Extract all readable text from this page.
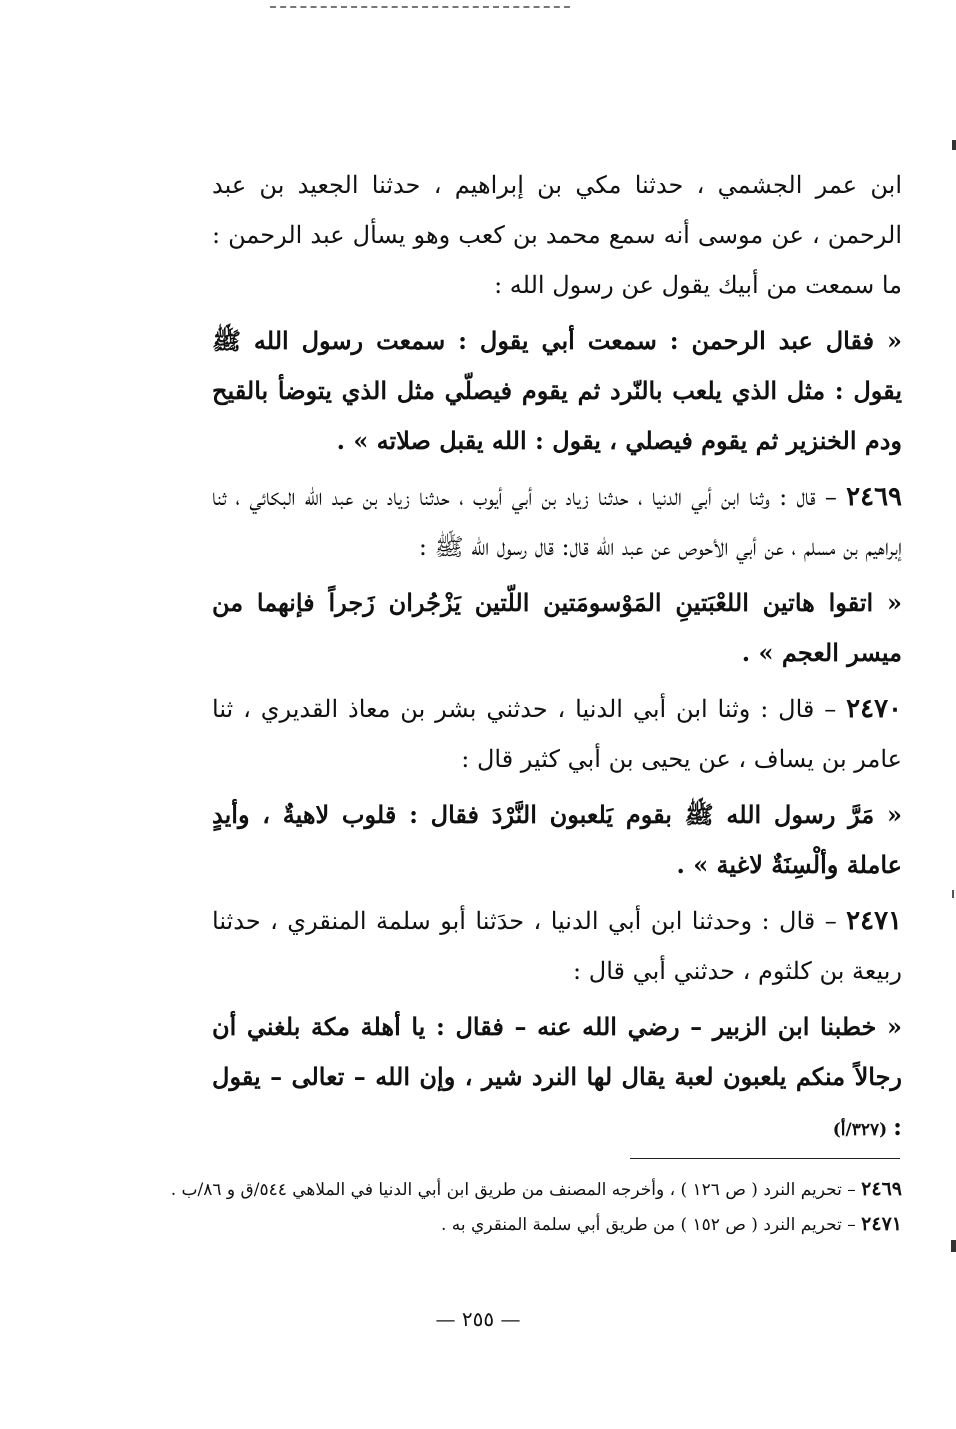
ابن عمر الجشمي ، حدثنا مكي بن إبراهيم ، حدثنا الجعيد بن عبد الرحمن ، عن موسى أنه سمع محمد بن كعب وهو يسأل عبد الرحمن : ما سمعت من أبيك يقول عن رسول الله :

« فقال عبد الرحمن : سمعت أبي يقول : سمعت رسول الله ﷺ يقول : مثل الذي يلعب بالنّرد ثم يقوم فيصلّي مثل الذي يتوضأ بالقيح ودم الخنزير ثم يقوم فيصلي ، يقول : الله يقبل صلاته » .

٢٤٦٩ – قال : وثنا ابن أبي الدنيا ، حدثنا زياد بن أبي أيوب ، حدثنا زياد بن عبد الله البكائي ، ثنا إبراهيم بن مسلم ، عن أبي الأحوص عن عبد الله قال: قال رسول الله ﷺ :

« اتقوا هاتين اللعْبَتينِ المَوْسومَتين اللّتين يَزْجُران زَجراً فإنهما من ميسر العجم » .

٢٤٧٠ – قال : وثنا ابن أبي الدنيا ، حدثني بشر بن معاذ القديري ، ثنا عامر بن يساف ، عن يحيى بن أبي كثير قال :

« مَرَّ رسول الله ﷺ بقوم يَلعبون النَّرْدَ فقال : قلوب لاهيةٌ ، وأيدٍ عاملة وألْسِنَةٌ لاغية » .

٢٤٧١ – قال : وحدثنا ابن أبي الدنيا ، حدَثنا أبو سلمة المنقري ، حدثنا ربيعة بن كلثوم ، حدثني أبي قال :

« خطبنا ابن الزبير – رضي الله عنه – فقال : يا أهلة مكة بلغني أن رجالاً منكم يلعبون لعبة يقال لها النرد شير ، وإن الله – تعالى – يقول :(٣٢٧/أ)

٢٤٦٩ – تحريم النرد ( ص ١٢٦ ) ، وأخرجه المصنف من طريق ابن أبي الدنيا في الملاهي ٥٤٤/ق و ٨٦/ب .

٢٤٧١ – تحريم النرد ( ص ١٥٢ ) من طريق أبي سلمة المنقري به .

— ٢٥٥ —
